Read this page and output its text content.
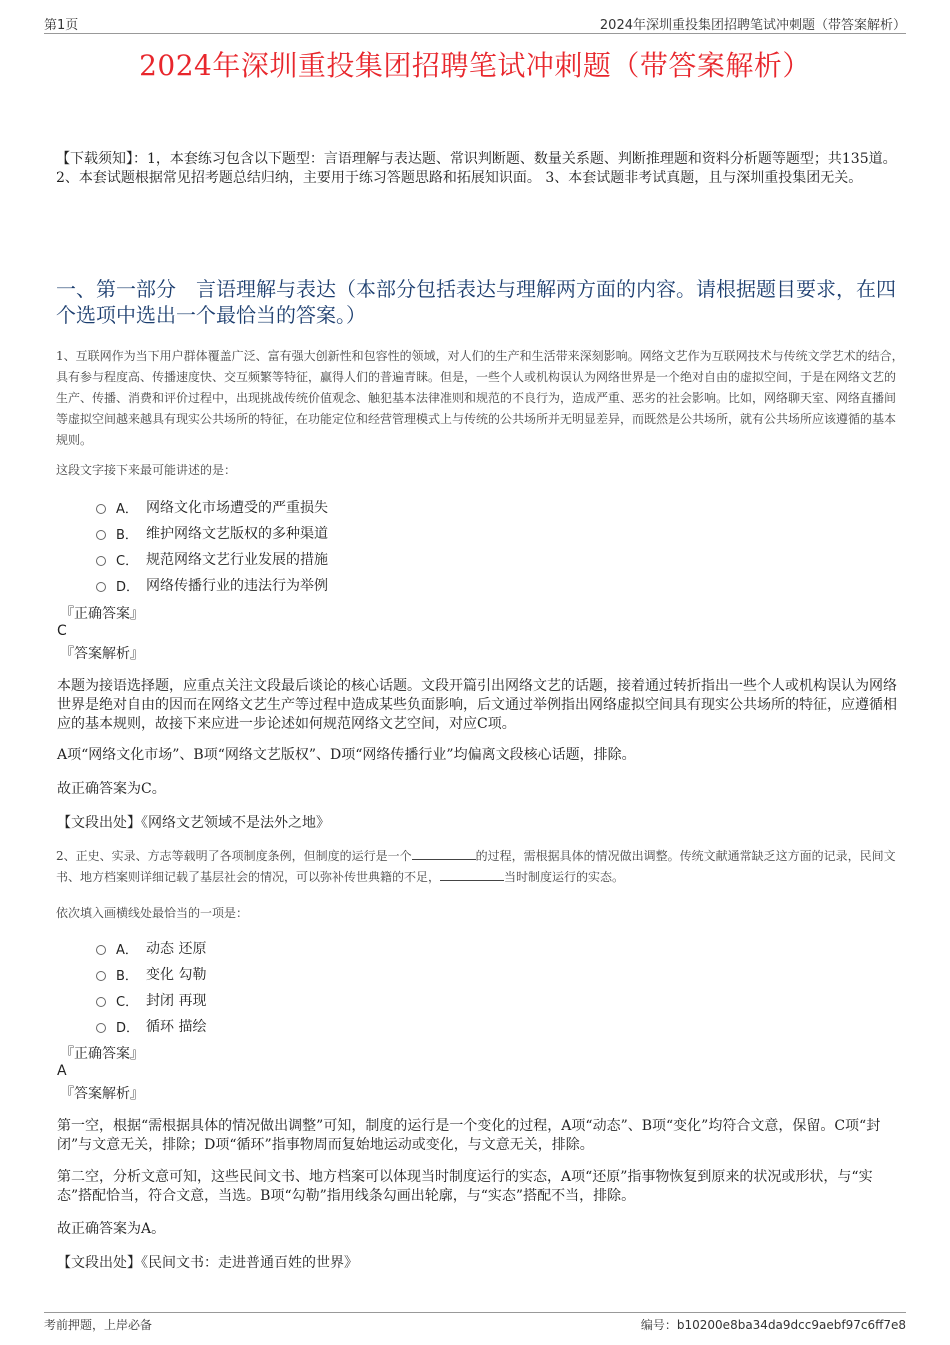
第1页	2024年深圳重投集团招聘笔试冲刺题（带答案解析）
2024年深圳重投集团招聘笔试冲刺题（带答案解析）
【下载须知】：1，本套练习包含以下题型：言语理解与表达题、常识判断题、数量关系题、判断推理题和资料分析题等题型；共135道。 2、本套试题根据常见招考题总结归纳，主要用于练习答题思路和拓展知识面。 3、本套试题非考试真题，且与深圳重投集团无关。
一、第一部分　言语理解与表达（本部分包括表达与理解两方面的内容。请根据题目要求，在四个选项中选出一个最恰当的答案。）
1、互联网作为当下用户群体覆盖广泛、富有强大创新性和包容性的领域，对人们的生产和生活带来深刻影响。网络文艺作为互联网技术与传统文学艺术的结合，具有参与程度高、传播速度快、交互频繁等特征，赢得人们的普遍青睐。但是，一些个人或机构误认为网络世界是一个绝对自由的虚拟空间，于是在网络文艺的生产、传播、消费和评价过程中，出现挑战传统价值观念、触犯基本法律准则和规范的不良行为，造成严重、恶劣的社会影响。比如，网络聊天室、网络直播间等虚拟空间越来越具有现实公共场所的特征，在功能定位和经营管理模式上与传统的公共场所并无明显差异，而既然是公共场所，就有公共场所应该遵循的基本规则。
这段文字接下来最可能讲述的是：
A． 网络文化市场遭受的严重损失
B． 维护网络文艺版权的多种渠道
C． 规范网络文艺行业发展的措施
D． 网络传播行业的违法行为举例
『正确答案』
C
『答案解析』
本题为接语选择题，应重点关注文段最后谈论的核心话题。文段开篇引出网络文艺的话题，接着通过转折指出一些个人或机构误认为网络世界是绝对自由的因而在网络文艺生产等过程中造成某些负面影响，后文通过举例指出网络虚拟空间具有现实公共场所的特征，应遵循相应的基本规则，故接下来应进一步论述如何规范网络文艺空间，对应C项。
A项“网络文化市场”、B项“网络文艺版权”、D项“网络传播行业”均偏离文段核心话题，排除。
故正确答案为C。
【文段出处】《网络文艺领域不是法外之地》
2、正史、实录、方志等载明了各项制度条例，但制度的运行是一个	的过程，需根据具体的情况做出调整。传统文献通常缺乏这方面的记录，民间文书、地方档案则详细记载了基层社会的情况，可以弥补传世典籍的不足，	当时制度运行的实态。
依次填入画横线处最恰当的一项是：
A． 动态 还原
B． 变化 勾勒
C． 封闭 再现
D． 循环 描绘
『正确答案』
A
『答案解析』
第一空，根据“需根据具体的情况做出调整”可知，制度的运行是一个变化的过程，A项“动态”、B项“变化”均符合文意，保留。C项“封闭”与文意无关，排除；D项“循环”指事物周而复始地运动或变化，与文意无关，排除。
第二空，分析文意可知，这些民间文书、地方档案可以体现当时制度运行的实态，A项“还原”指事物恢复到原来的状况或形状，与“实态”搭配恰当，符合文意，当选。B项“勾勒”指用线条勾画出轮廓，与“实态”搭配不当，排除。
故正确答案为A。
【文段出处】《民间文书：走进普通百姓的世界》
考前押题，上岸必备	编号：b10200e8ba34da9dcc9aebf97c6ff7e8
